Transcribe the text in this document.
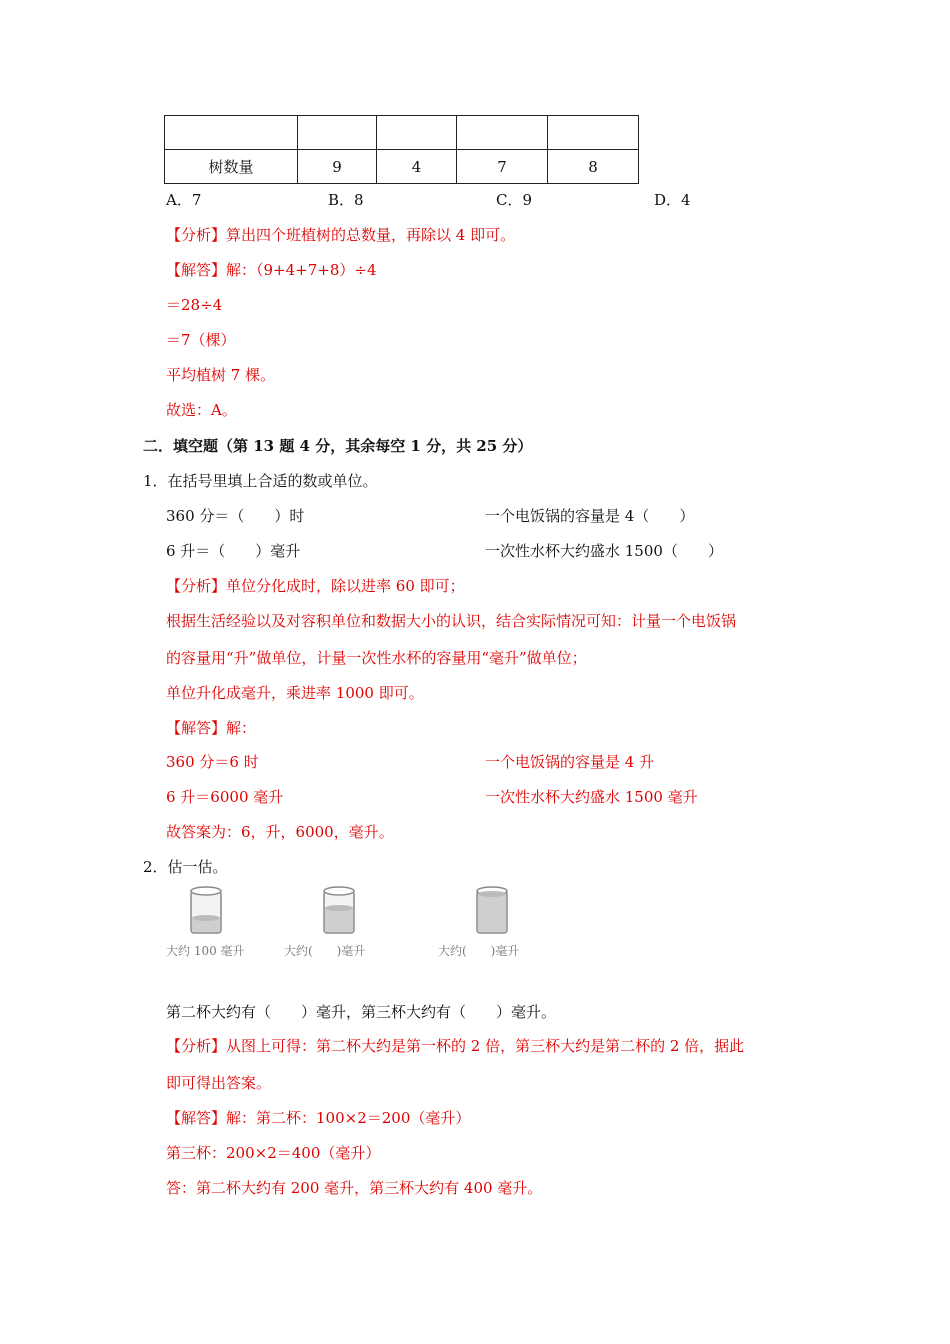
树数量	9	4	7	8
A．7	B．8	C．9	D．4
【分析】算出四个班植树的总数量，再除以 4 即可。
【解答】解：（9+4+7+8）÷4
＝28÷4
＝7（棵）
平均植树 7 棵。
故选：A。
二．填空题（第 13 题 4 分，其余每空 1 分，共 25 分）
1．在括号里填上合适的数或单位。
360 分＝（　　）时	一个电饭锅的容量是 4（　　）
6 升＝（　　）毫升	一次性水杯大约盛水 1500（　　）
【分析】单位分化成时，除以进率 60 即可；
根据生活经验以及对容积单位和数据大小的认识，结合实际情况可知：计量一个电饭锅
的容量用“升”做单位，计量一次性水杯的容量用“毫升”做单位；
单位升化成毫升，乘进率 1000 即可。
【解答】解：
360 分＝6 时	一个电饭锅的容量是 4 升
6 升＝6000 毫升	一次性水杯大约盛水 1500 毫升
故答案为：6，升，6000，毫升。
2．估一估。
大约 100 毫升	大约(　　)毫升	大约(　　)毫升
第二杯大约有（　　）毫升，第三杯大约有（　　）毫升。
【分析】从图上可得：第二杯大约是第一杯的 2 倍，第三杯大约是第二杯的 2 倍，据此
即可得出答案。
【解答】解：第二杯：100×2＝200（毫升）
第三杯：200×2＝400（毫升）
答：第二杯大约有 200 毫升，第三杯大约有 400 毫升。
